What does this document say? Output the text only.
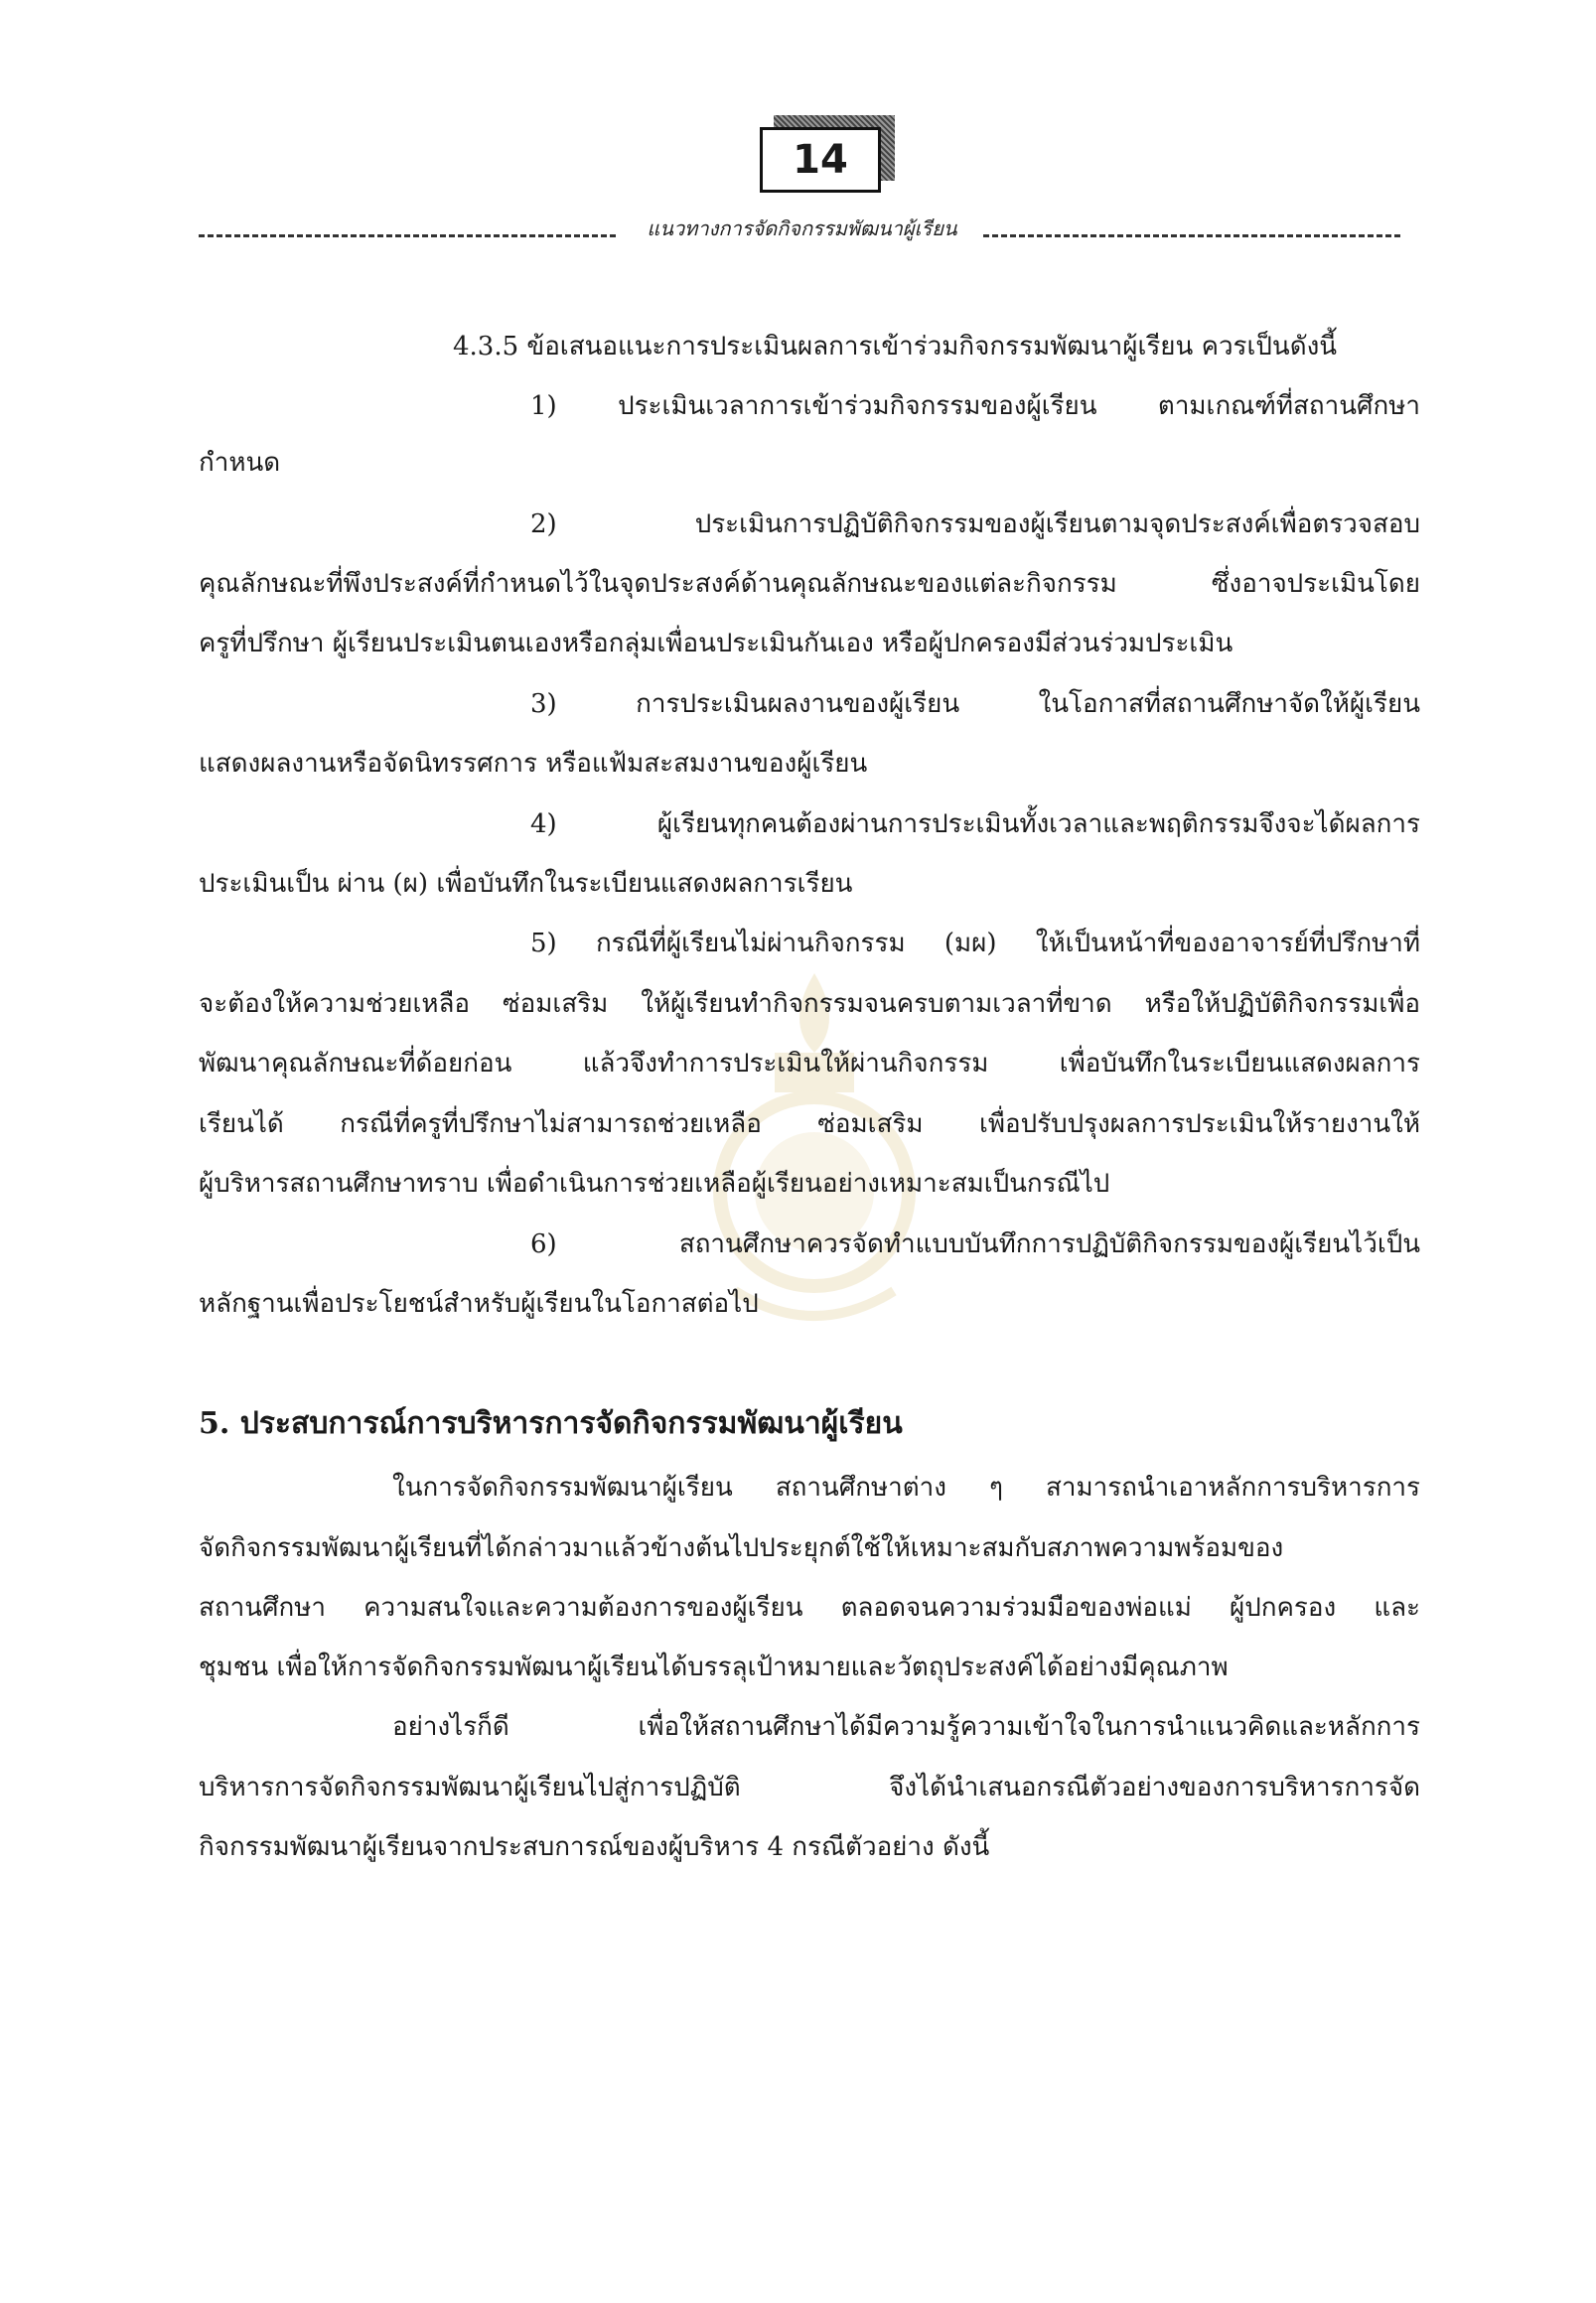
14
แนวทางการจัดกิจกรรมพัฒนาผู้เรียน
4.3.5 ข้อเสนอแนะการประเมินผลการเข้าร่วมกิจกรรมพัฒนาผู้เรียน ควรเป็นดังนี้
1) ประเมินเวลาการเข้าร่วมกิจกรรมของผู้เรียน ตามเกณฑ์ที่สถานศึกษา
กำหนด
2) ประเมินการปฏิบัติกิจกรรมของผู้เรียนตามจุดประสงค์เพื่อตรวจสอบ
คุณลักษณะที่พึงประสงค์ที่กำหนดไว้ในจุดประสงค์ด้านคุณลักษณะของแต่ละกิจกรรม ซึ่งอาจประเมินโดย
ครูที่ปรึกษา ผู้เรียนประเมินตนเองหรือกลุ่มเพื่อนประเมินกันเอง หรือผู้ปกครองมีส่วนร่วมประเมิน
3) การประเมินผลงานของผู้เรียน ในโอกาสที่สถานศึกษาจัดให้ผู้เรียน
แสดงผลงานหรือจัดนิทรรศการ หรือแฟ้มสะสมงานของผู้เรียน
4) ผู้เรียนทุกคนต้องผ่านการประเมินทั้งเวลาและพฤติกรรมจึงจะได้ผลการ
ประเมินเป็น ผ่าน (ผ) เพื่อบันทึกในระเบียนแสดงผลการเรียน
5) กรณีที่ผู้เรียนไม่ผ่านกิจกรรม (มผ) ให้เป็นหน้าที่ของอาจารย์ที่ปรึกษาที่
จะต้องให้ความช่วยเหลือ ซ่อมเสริม ให้ผู้เรียนทำกิจกรรมจนครบตามเวลาที่ขาด หรือให้ปฏิบัติกิจกรรมเพื่อ
พัฒนาคุณลักษณะที่ด้อยก่อน แล้วจึงทำการประเมินให้ผ่านกิจกรรม เพื่อบันทึกในระเบียนแสดงผลการ
เรียนได้ กรณีที่ครูที่ปรึกษาไม่สามารถช่วยเหลือ ซ่อมเสริม เพื่อปรับปรุงผลการประเมินให้รายงานให้
ผู้บริหารสถานศึกษาทราบ เพื่อดำเนินการช่วยเหลือผู้เรียนอย่างเหมาะสมเป็นกรณีไป
6) สถานศึกษาควรจัดทำแบบบันทึกการปฏิบัติกิจกรรมของผู้เรียนไว้เป็น
หลักฐานเพื่อประโยชน์สำหรับผู้เรียนในโอกาสต่อไป
5. ประสบการณ์การบริหารการจัดกิจกรรมพัฒนาผู้เรียน
ในการจัดกิจกรรมพัฒนาผู้เรียน สถานศึกษาต่าง ๆ สามารถนำเอาหลักการบริหารการ
จัดกิจกรรมพัฒนาผู้เรียนที่ได้กล่าวมาแล้วข้างต้นไปประยุกต์ใช้ให้เหมาะสมกับสภาพความพร้อมของ
สถานศึกษา ความสนใจและความต้องการของผู้เรียน ตลอดจนความร่วมมือของพ่อแม่ ผู้ปกครอง และ
ชุมชน เพื่อให้การจัดกิจกรรมพัฒนาผู้เรียนได้บรรลุเป้าหมายและวัตถุประสงค์ได้อย่างมีคุณภาพ
อย่างไรก็ดี เพื่อให้สถานศึกษาได้มีความรู้ความเข้าใจในการนำแนวคิดและหลักการ
บริหารการจัดกิจกรรมพัฒนาผู้เรียนไปสู่การปฏิบัติ จึงได้นำเสนอกรณีตัวอย่างของการบริหารการจัด
กิจกรรมพัฒนาผู้เรียนจากประสบการณ์ของผู้บริหาร 4 กรณีตัวอย่าง ดังนี้
